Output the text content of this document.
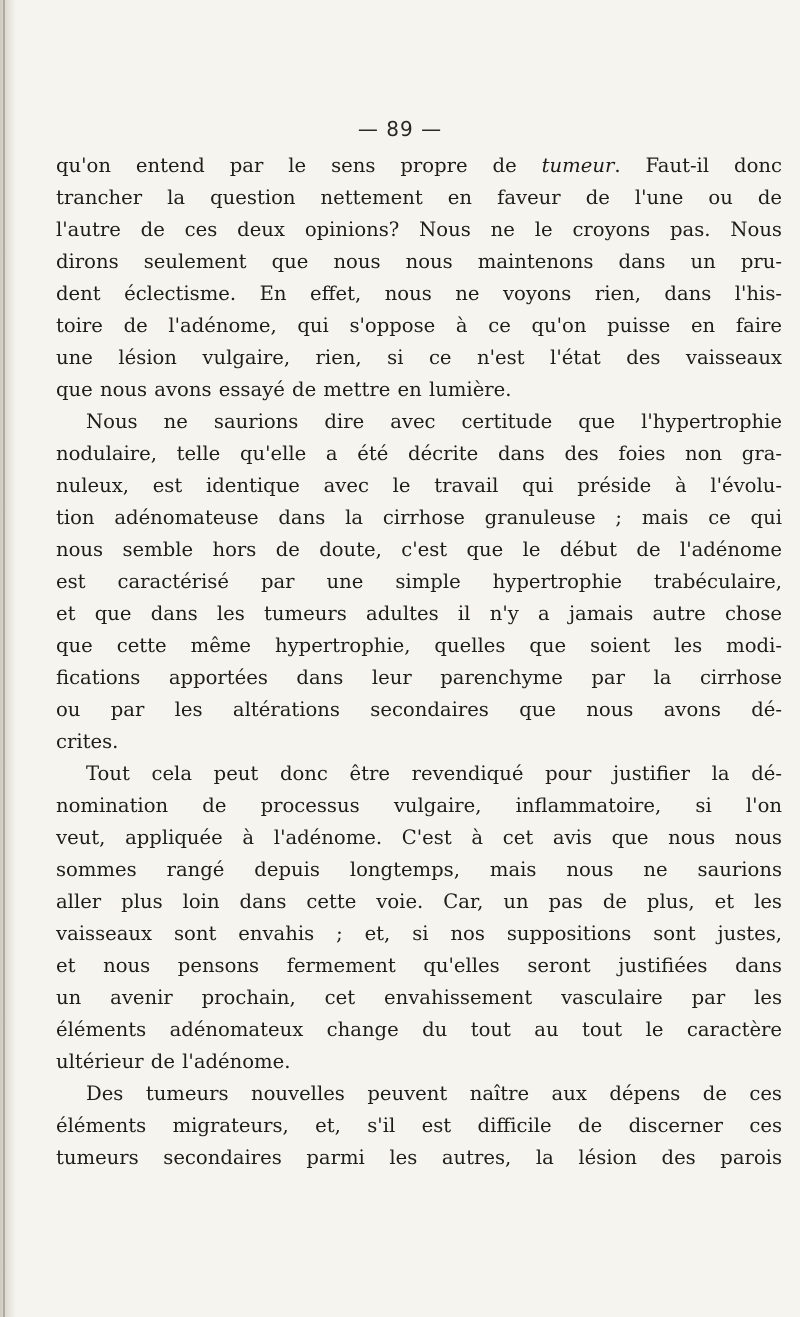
— 89 —
qu'on entend par le sens propre de tumeur. Faut-il donc
trancher la question nettement en faveur de l'une ou de
l'autre de ces deux opinions? Nous ne le croyons pas. Nous
dirons seulement que nous nous maintenons dans un pru-
dent éclectisme. En effet, nous ne voyons rien, dans l'his-
toire de l'adénome, qui s'oppose à ce qu'on puisse en faire
une lésion vulgaire, rien, si ce n'est l'état des vaisseaux
que nous avons essayé de mettre en lumière.
Nous ne saurions dire avec certitude que l'hypertrophie
nodulaire, telle qu'elle a été décrite dans des foies non gra-
nuleux, est identique avec le travail qui préside à l'évolu-
tion adénomateuse dans la cirrhose granuleuse ; mais ce qui
nous semble hors de doute, c'est que le début de l'adénome
est caractérisé par une simple hypertrophie trabéculaire,
et que dans les tumeurs adultes il n'y a jamais autre chose
que cette même hypertrophie, quelles que soient les modi-
fications apportées dans leur parenchyme par la cirrhose
ou par les altérations secondaires que nous avons dé-
crites.
Tout cela peut donc être revendiqué pour justifier la dé-
nomination de processus vulgaire, inflammatoire, si l'on
veut, appliquée à l'adénome. C'est à cet avis que nous nous
sommes rangé depuis longtemps, mais nous ne saurions
aller plus loin dans cette voie. Car, un pas de plus, et les
vaisseaux sont envahis ; et, si nos suppositions sont justes,
et nous pensons fermement qu'elles seront justifiées dans
un avenir prochain, cet envahissement vasculaire par les
éléments adénomateux change du tout au tout le caractère
ultérieur de l'adénome.
Des tumeurs nouvelles peuvent naître aux dépens de ces
éléments migrateurs, et, s'il est difficile de discerner ces
tumeurs secondaires parmi les autres, la lésion des parois
